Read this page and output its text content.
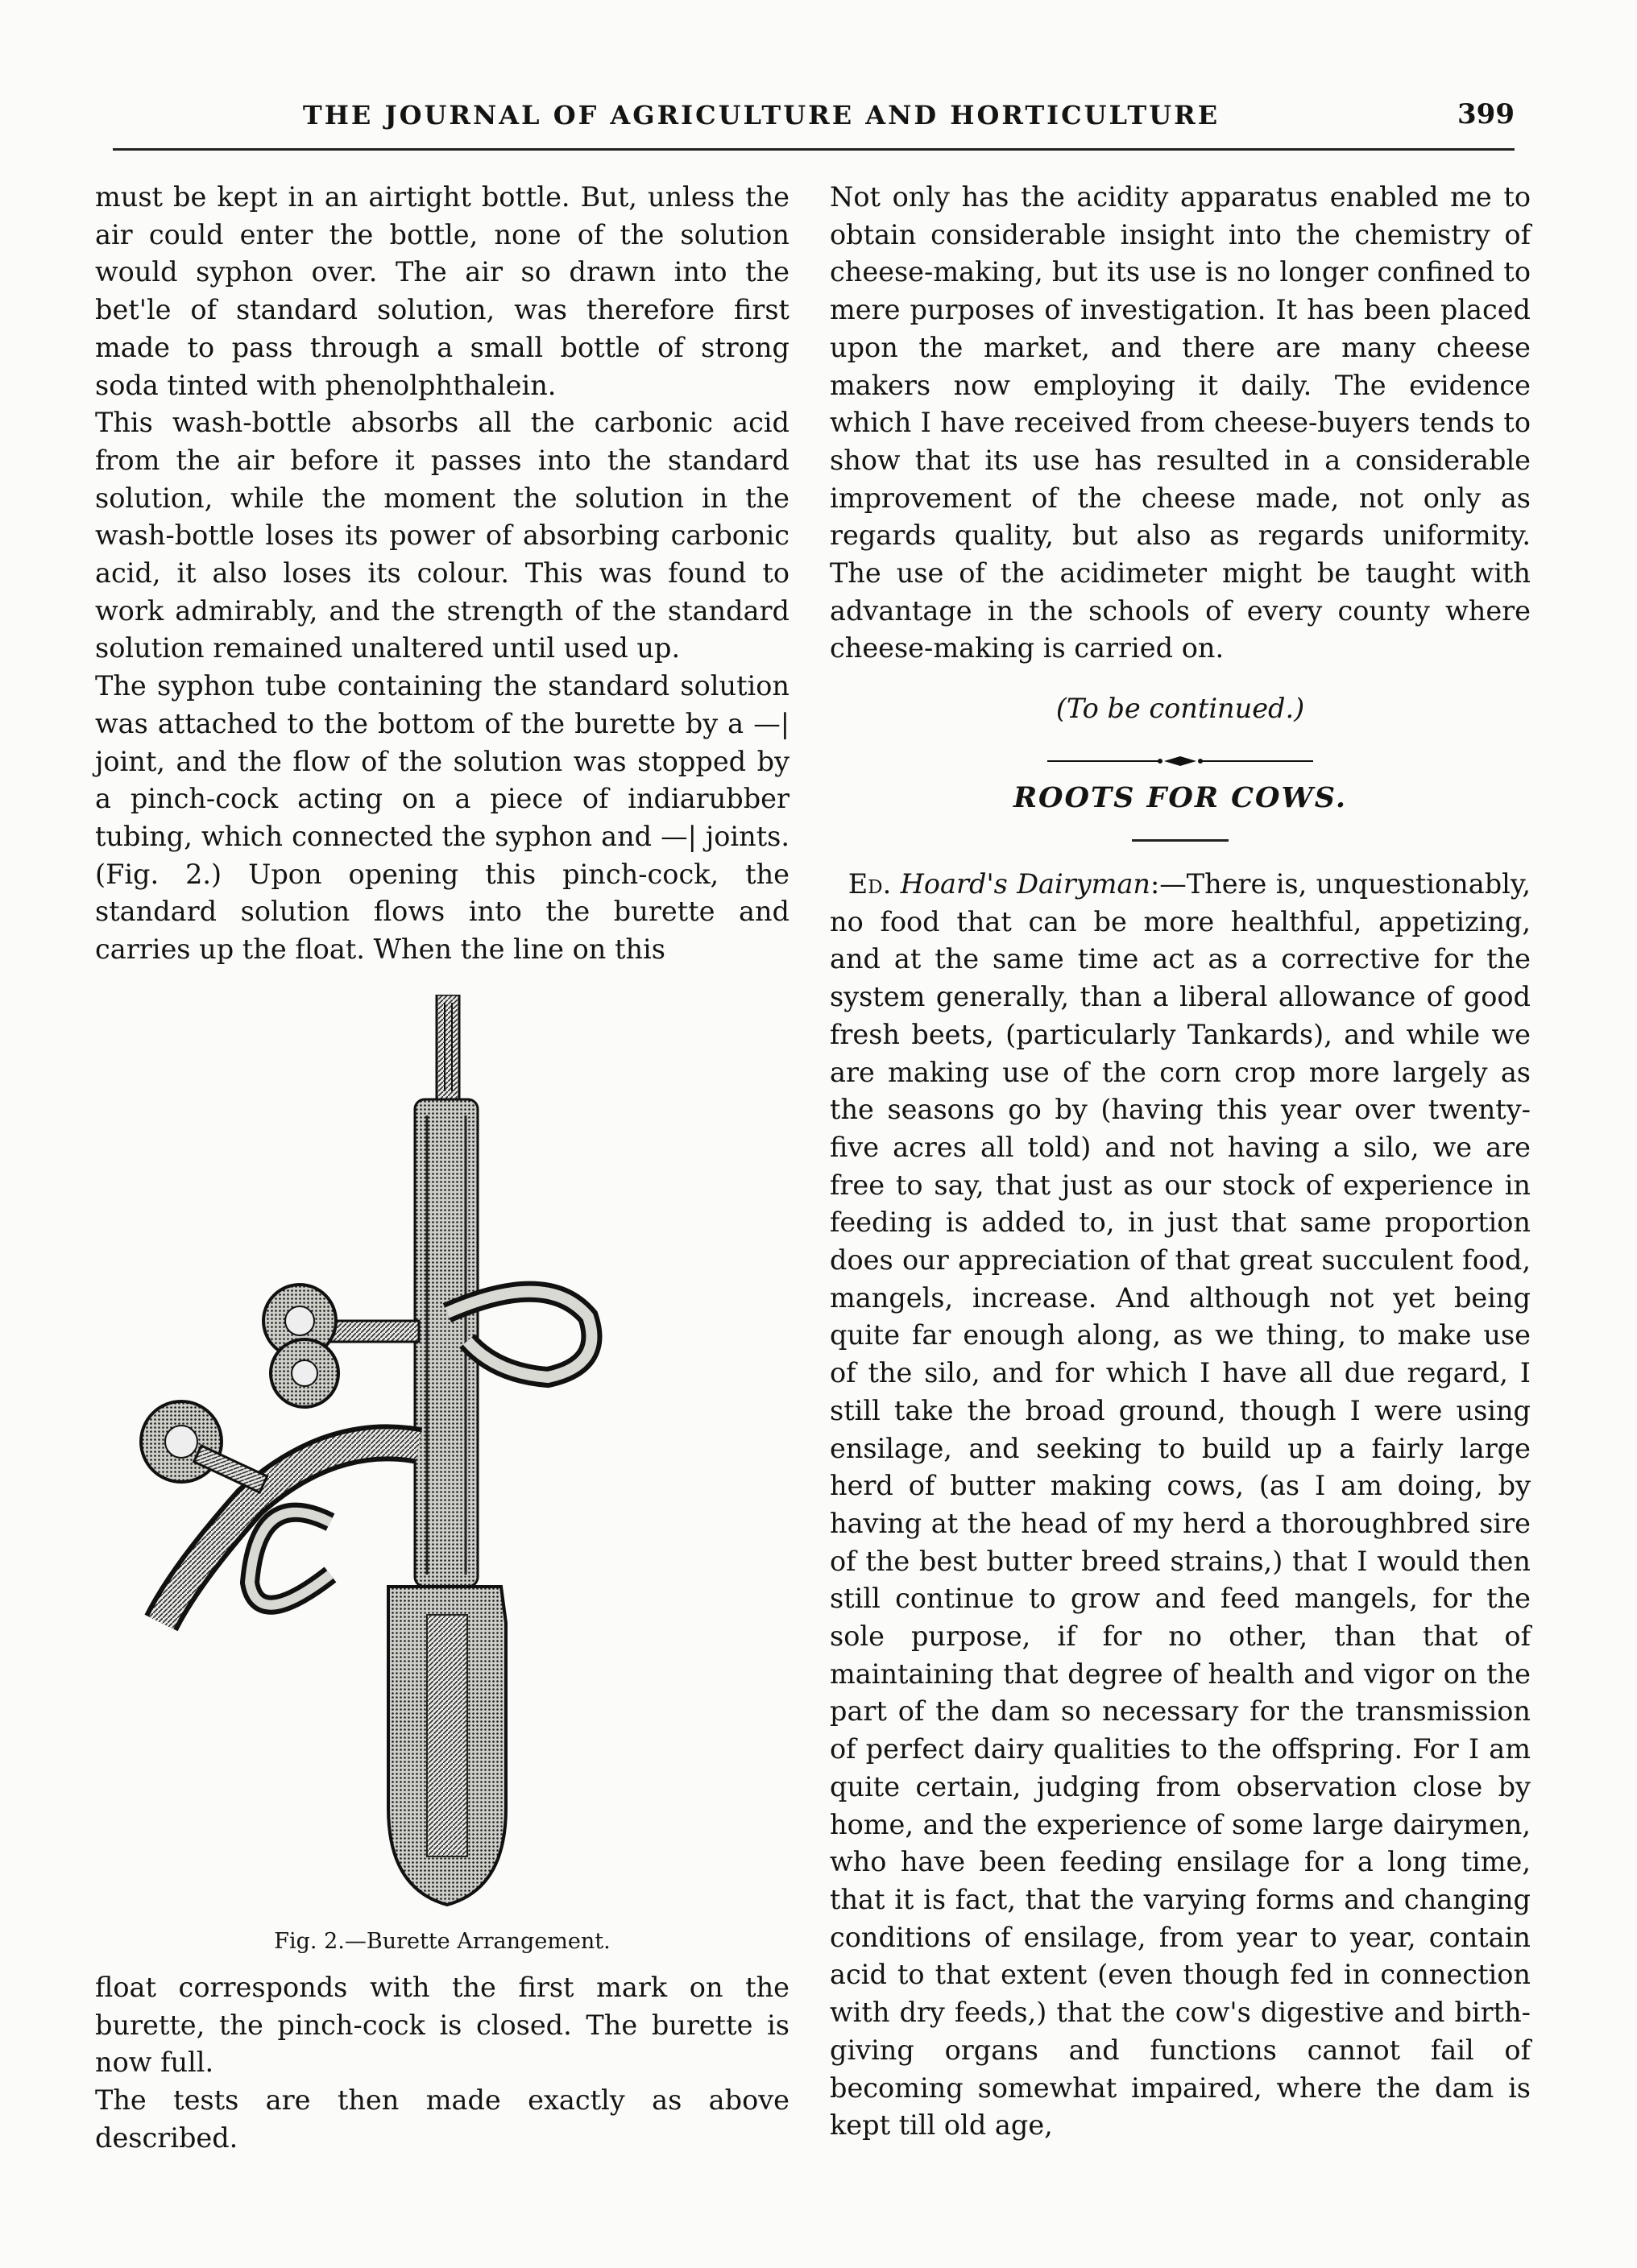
THE JOURNAL OF AGRICULTURE AND HORTICULTURE	399

must be kept in an airtight bottle. But, unless the air could enter the bottle, none of the solution would syphon over. The air so drawn into the bet'le of standard solution, was therefore first made to pass through a small bottle of strong soda tinted with phenolphthalein.

This wash-bottle absorbs all the carbonic acid from the air before it passes into the standard solution, while the moment the solution in the wash-bottle loses its power of absorbing carbonic acid, it also loses its colour. This was found to work admirably, and the strength of the standard solution remained unaltered until used up.

The syphon tube containing the standard solution was attached to the bottom of the burette by a —| joint, and the flow of the solution was stopped by a pinch-cock acting on a piece of indiarubber tubing, which connected the syphon and —| joints. (Fig. 2.) Upon opening this pinch-cock, the standard solution flows into the burette and carries up the float. When the line on this

Fig. 2.—Burette Arrangement.

float corresponds with the first mark on the burette, the pinch-cock is closed. The burette is now full.

The tests are then made exactly as above described.

Not only has the acidity apparatus enabled me to obtain considerable insight into the chemistry of cheese-making, but its use is no longer confined to mere purposes of investigation. It has been placed upon the market, and there are many cheese makers now employing it daily. The evidence which I have received from cheese-buyers tends to show that its use has resulted in a considerable improvement of the cheese made, not only as regards quality, but also as regards uniformity. The use of the acidimeter might be taught with advantage in the schools of every county where cheese-making is carried on.

(To be continued.)
ROOTS FOR COWS.

Ed. Hoard's Dairyman:—There is, unquestionably, no food that can be more healthful, appetizing, and at the same time act as a corrective for the system generally, than a liberal allowance of good fresh beets, (particularly Tankards), and while we are making use of the corn crop more largely as the seasons go by (having this year over twenty-five acres all told) and not having a silo, we are free to say, that just as our stock of experience in feeding is added to, in just that same proportion does our appreciation of that great succulent food, mangels, increase. And although not yet being quite far enough along, as we thing, to make use of the silo, and for which I have all due regard, I still take the broad ground, though I were using ensilage, and seeking to build up a fairly large herd of butter making cows, (as I am doing, by having at the head of my herd a thoroughbred sire of the best butter breed strains,) that I would then still continue to grow and feed mangels, for the sole purpose, if for no other, than that of maintaining that degree of health and vigor on the part of the dam so necessary for the transmission of perfect dairy qualities to the offspring. For I am quite certain, judging from observation close by home, and the experience of some large dairymen, who have been feeding ensilage for a long time, that it is fact, that the varying forms and changing conditions of ensilage, from year to year, contain acid to that extent (even though fed in connection with dry feeds,) that the cow's digestive and birth-giving organs and functions cannot fail of becoming somewhat impaired, where the dam is kept till old age,
